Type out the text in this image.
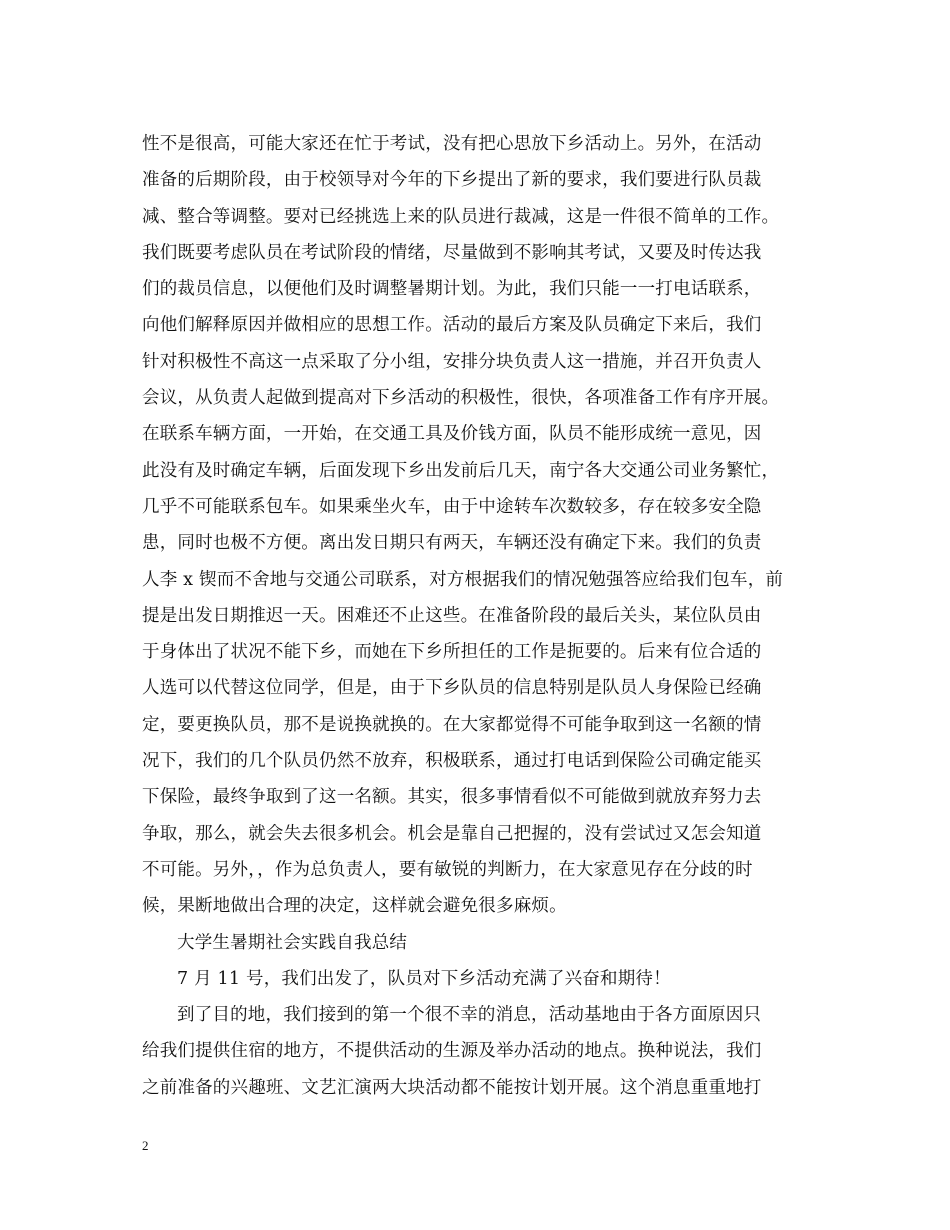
性不是很高，可能大家还在忙于考试，没有把心思放下乡活动上。另外，在活动
准备的后期阶段，由于校领导对今年的下乡提出了新的要求，我们要进行队员裁
减、整合等调整。要对已经挑选上来的队员进行裁减，这是一件很不简单的工作。
我们既要考虑队员在考试阶段的情绪，尽量做到不影响其考试，又要及时传达我
们的裁员信息，以便他们及时调整暑期计划。为此，我们只能一一打电话联系，
向他们解释原因并做相应的思想工作。活动的最后方案及队员确定下来后，我们
针对积极性不高这一点采取了分小组，安排分块负责人这一措施，并召开负责人
会议，从负责人起做到提高对下乡活动的积极性，很快，各项准备工作有序开展。
在联系车辆方面，一开始，在交通工具及价钱方面，队员不能形成统一意见，因
此没有及时确定车辆，后面发现下乡出发前后几天，南宁各大交通公司业务繁忙，
几乎不可能联系包车。如果乘坐火车，由于中途转车次数较多，存在较多安全隐
患，同时也极不方便。离出发日期只有两天，车辆还没有确定下来。我们的负责
人李 x 锲而不舍地与交通公司联系，对方根据我们的情况勉强答应给我们包车，前
提是出发日期推迟一天。困难还不止这些。在准备阶段的最后关头，某位队员由
于身体出了状况不能下乡，而她在下乡所担任的工作是扼要的。后来有位合适的
人选可以代替这位同学，但是，由于下乡队员的信息特别是队员人身保险已经确
定，要更换队员，那不是说换就换的。在大家都觉得不可能争取到这一名额的情
况下，我们的几个队员仍然不放弃，积极联系，通过打电话到保险公司确定能买
下保险，最终争取到了这一名额。其实，很多事情看似不可能做到就放弃努力去
争取，那么，就会失去很多机会。机会是靠自己把握的，没有尝试过又怎会知道
不可能。另外，，作为总负责人，要有敏锐的判断力，在大家意见存在分歧的时
候，果断地做出合理的决定，这样就会避免很多麻烦。
大学生暑期社会实践自我总结
7 月 11 号，我们出发了，队员对下乡活动充满了兴奋和期待！
到了目的地，我们接到的第一个很不幸的消息，活动基地由于各方面原因只
给我们提供住宿的地方，不提供活动的生源及举办活动的地点。换种说法，我们
之前准备的兴趣班、文艺汇演两大块活动都不能按计划开展。这个消息重重地打
2
